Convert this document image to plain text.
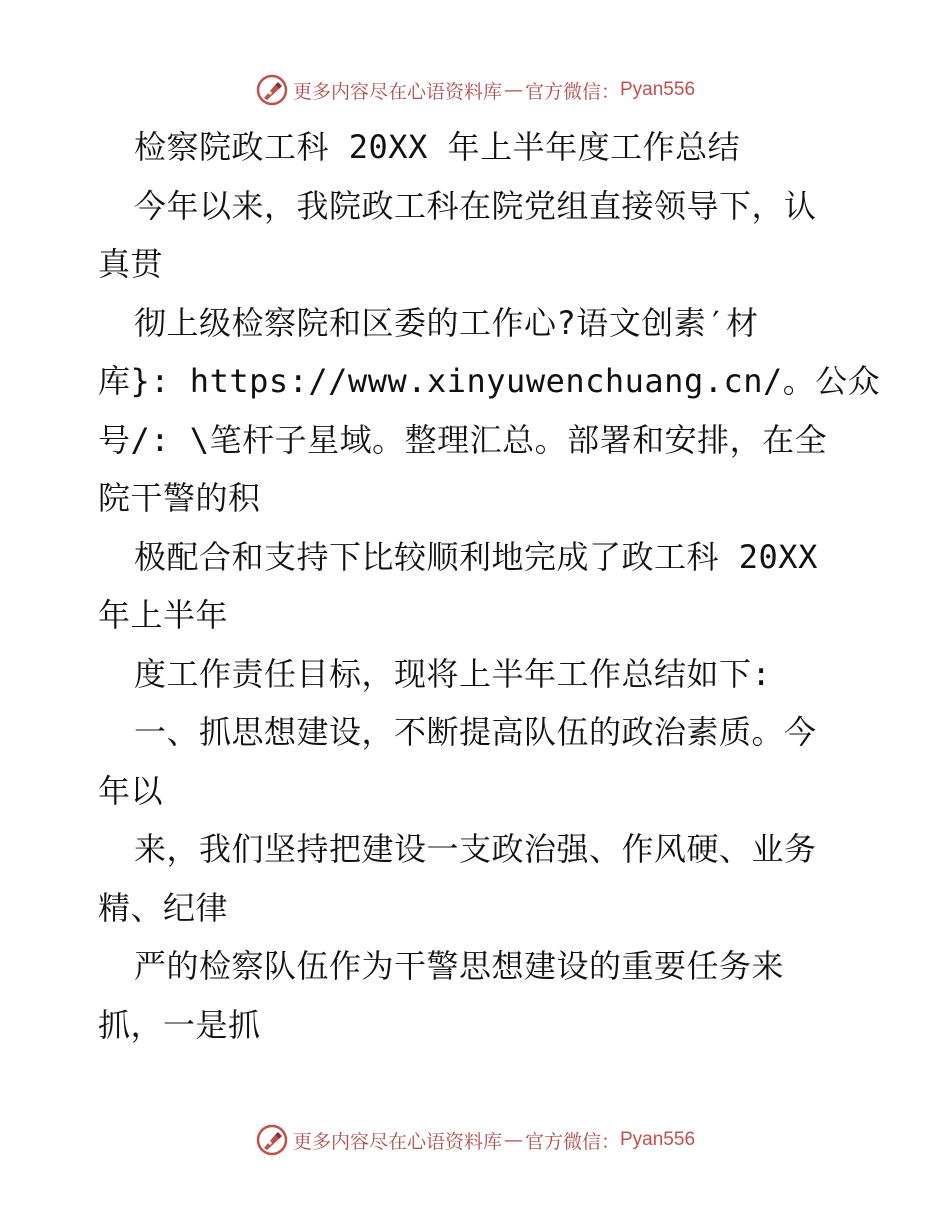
更多内容尽在心语资料库 — 官方微信： Pyan556
检察院政工科 20XX 年上半年度工作总结
今年以来，我院政工科在院党组直接领导下，认
真贯
彻上级检察院和区委的工作心?语文创素′材
库}: https://www.xinyuwenchuang.cn/。公众
号/: \笔杆子星域。整理汇总。部署和安排，在全
院干警的积
极配合和支持下比较顺利地完成了政工科 20XX
年上半年
度工作责任目标，现将上半年工作总结如下:
一、抓思想建设，不断提高队伍的政治素质。今
年以
来，我们坚持把建设一支政治强、作风硬、业务
精、纪律
严的检察队伍作为干警思想建设的重要任务来
抓，一是抓
更多内容尽在心语资料库 — 官方微信： Pyan556
